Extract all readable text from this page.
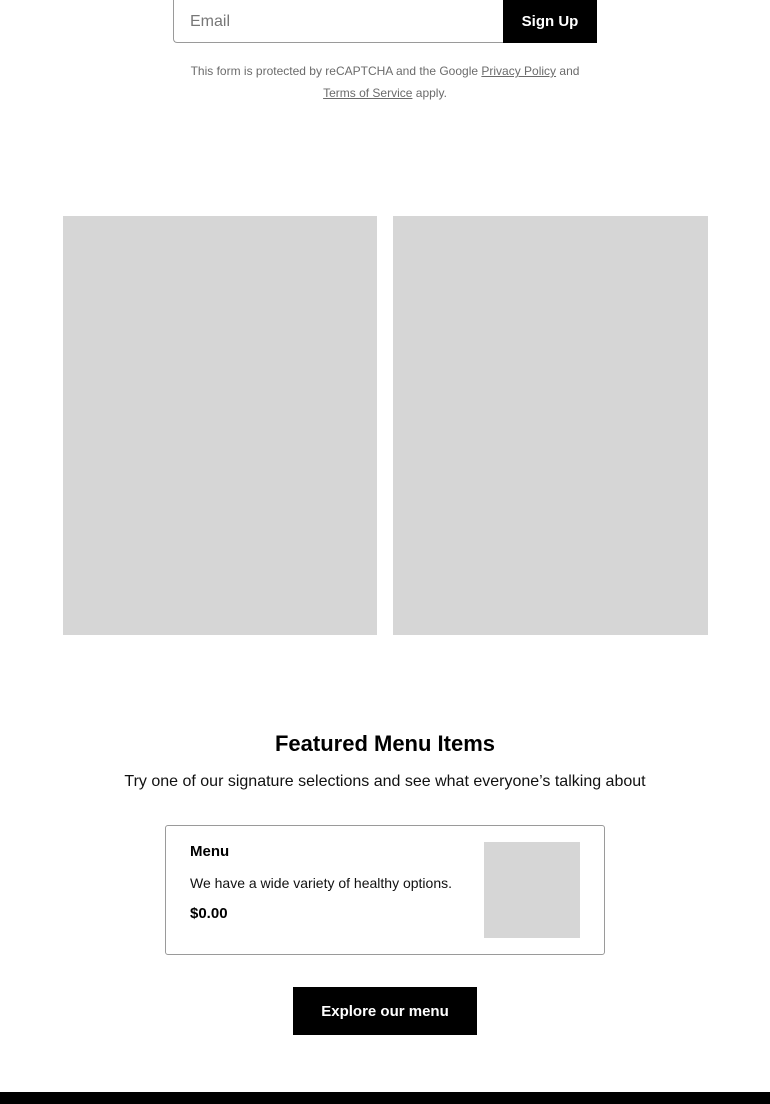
Email
Sign Up

This form is protected by reCAPTCHA and the Google Privacy Policy and
Terms of Service apply.

Featured Menu Items

Try one of our signature selections and see what everyone’s talking about

Menu
We have a wide variety of healthy options.
$0.00
Explore our menu
